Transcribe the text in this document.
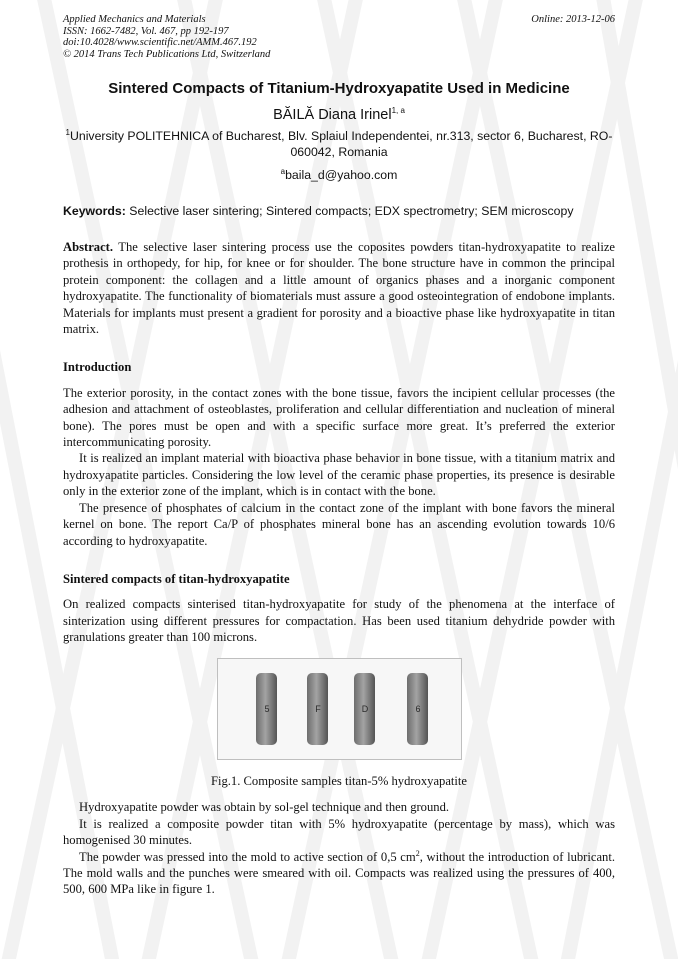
Applied Mechanics and Materials
ISSN: 1662-7482, Vol. 467, pp 192-197
doi:10.4028/www.scientific.net/AMM.467.192
© 2014 Trans Tech Publications Ltd, Switzerland
Online: 2013-12-06
Sintered Compacts of Titanium-Hydroxyapatite Used in Medicine
BĂILĂ Diana Irinel$^{1, a}$
$^1$University POLITEHNICA of Bucharest, Blv. Splaiul Independentei, nr.313, sector 6, Bucharest, RO-060042, Romania
$^a$baila_d@yahoo.com
Keywords: Selective laser sintering; Sintered compacts; EDX spectrometry; SEM microscopy

Abstract. The selective laser sintering process use the coposites powders titan-hydroxyapatite to realize prothesis in orthopedy, for hip, for knee or for shoulder. The bone structure have in common the principal protein component: the collagen and a little amount of organics phases and a inorganic component hydroxyapatite. The functionality of biomaterials must assure a good osteointegration of endobone implants. Materials for implants must present a gradient for porosity and a bioactive phase like hydroxyapatite in titan matrix.

Introduction

The exterior porosity, in the contact zones with the bone tissue, favors the incipient cellular processes (the adhesion and attachment of osteoblastes, proliferation and cellular differentiation and nucleation of mineral bone). The pores must be open and with a specific surface more great. It’s preferred the exterior intercommunicating porosity.

It is realized an implant material with bioactiva phase behavior in bone tissue, with a titanium matrix and hydroxyapatite particles. Considering the low level of the ceramic phase properties, its presence is desirable only in the exterior zone of the implant, which is in contact with the bone.

The presence of phosphates of calcium in the contact zone of the implant with bone favors the mineral kernel on bone. The report Ca/P of phosphates mineral bone has an ascending evolution towards 10/6 according to hydroxyapatite.

Sintered compacts of titan-hydroxyapatite

On realized compacts sinterised titan-hydroxyapatite for study of the phenomena at the interface of sinterization using different pressures for compactation. Has been used titanium dehydride powder with granulations greater than 100 microns.

5	F	D	6
Fig.1. Composite samples titan-5% hydroxyapatite

Hydroxyapatite powder was obtain by sol-gel technique and then ground.

It is realized a composite powder titan with 5% hydroxyapatite (percentage by mass), which was homogenised 30 minutes.

The powder was pressed into the mold to active section of 0,5 $cm^2$, without the introduction of lubricant. The mold walls and the punches were smeared with oil. Compacts was realized using the pressures of 400, 500, 600 MPa like in figure 1.
